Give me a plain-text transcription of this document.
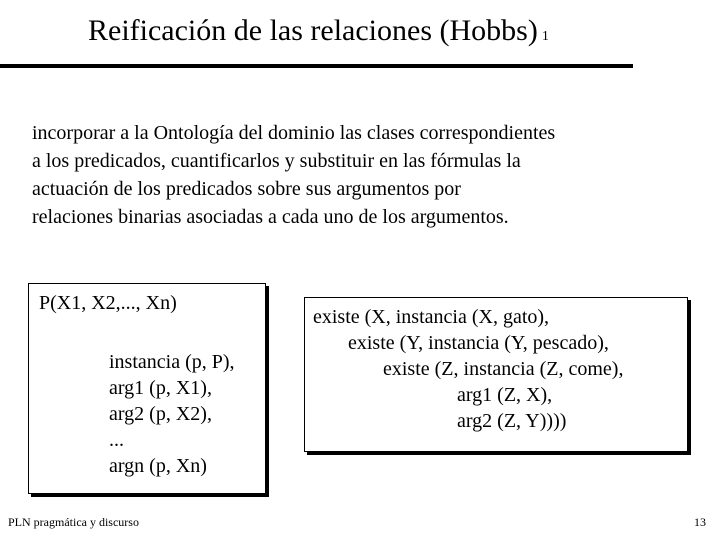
Reificación de las relaciones (Hobbs) 1
incorporar a la Ontología del dominio las clases correspondientes
a los predicados, cuantificarlos y substituir en las fórmulas la
actuación de los predicados sobre sus argumentos por
relaciones binarias asociadas a cada uno de los argumentos.
P(X1, X2,..., Xn)
instancia (p, P),
arg1 (p, X1),
arg2 (p, X2),
...
argn (p, Xn)
existe (X, instancia (X, gato),
existe (Y, instancia (Y, pescado),
existe (Z, instancia (Z, come),
arg1 (Z, X),
arg2 (Z, Y))))
PLN pragmática y discurso	13
